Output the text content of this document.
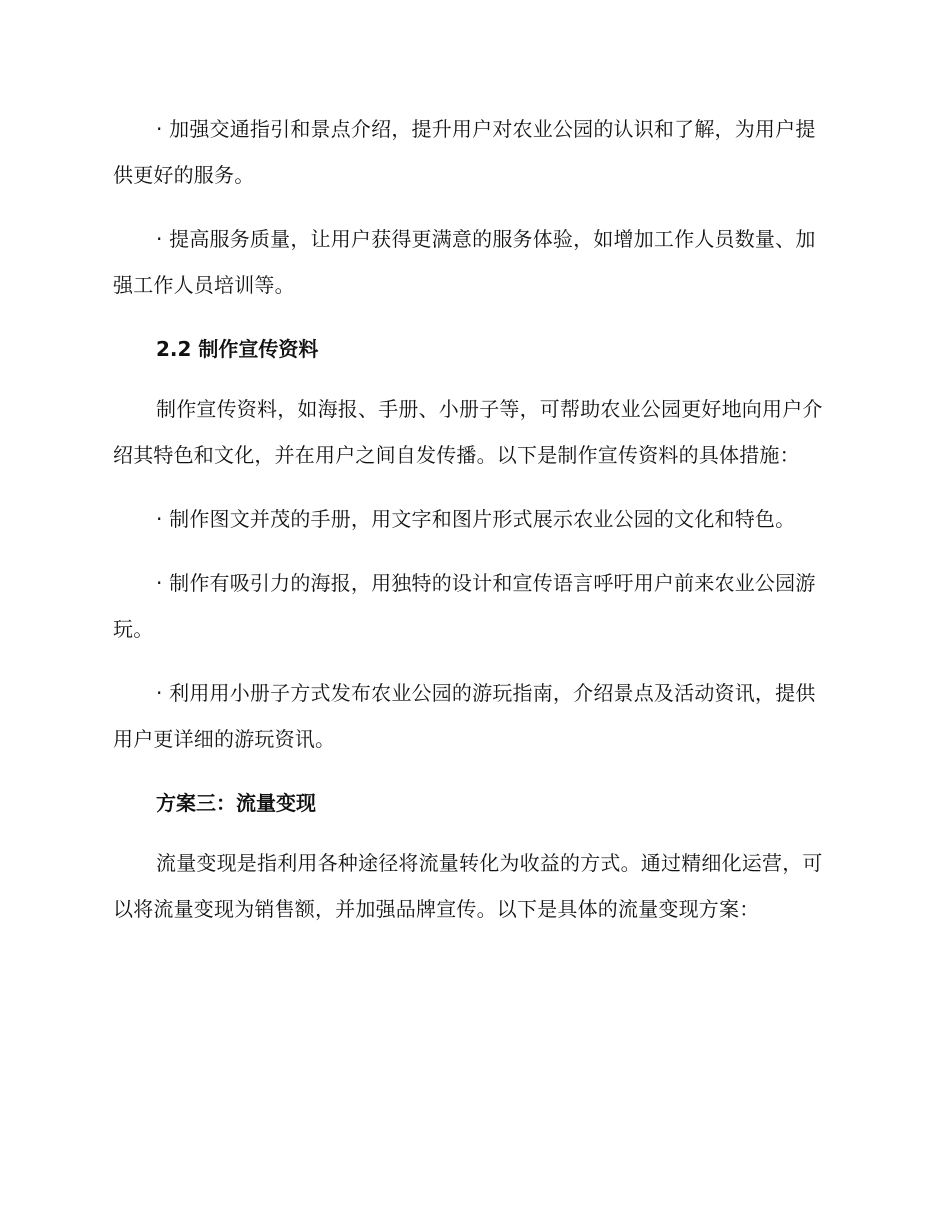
· 加强交通指引和景点介绍，提升用户对农业公园的认识和了解，为用户提供更好的服务。

· 提高服务质量，让用户获得更满意的服务体验，如增加工作人员数量、加强工作人员培训等。

2.2 制作宣传资料

制作宣传资料，如海报、手册、小册子等，可帮助农业公园更好地向用户介绍其特色和文化，并在用户之间自发传播。以下是制作宣传资料的具体措施：

· 制作图文并茂的手册，用文字和图片形式展示农业公园的文化和特色。

· 制作有吸引力的海报，用独特的设计和宣传语言呼吁用户前来农业公园游玩。

· 利用用小册子方式发布农业公园的游玩指南，介绍景点及活动资讯，提供用户更详细的游玩资讯。

方案三：流量变现

流量变现是指利用各种途径将流量转化为收益的方式。通过精细化运营，可以将流量变现为销售额，并加强品牌宣传。以下是具体的流量变现方案：
